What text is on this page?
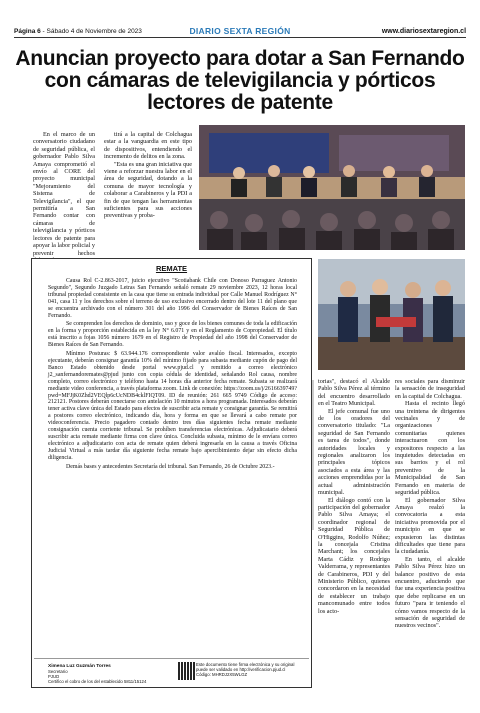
Página 6 - Sábado 4 de Noviembre de 2023	DIARIO SEXTA REGIÓN	www.diariosextaregion.cl
Anuncian proyecto para dotar a San Fernando con cámaras de televigilancia y pórticos lectores de patente

En el marco de un conversatorio ciudadano de seguridad pública, el gobernador Pablo Silva Amaya comprometió el envío al CORE del proyecto municipal "Mejoramiento del Sistema de Televigilancia", el que permitiría a San Fernando contar con cámaras de televigilancia y pórticos lectores de patente para apoyar la labor policial y prevenir hechos

tirá a la capital de Colchagua estar a la vanguardia en este tipo de dispositivos, entendiendo el incremento de delitos en la zona.

"Esta es una gran iniciativa que viene a reforzar nuestra labor en el área de seguridad, dotando a la comuna de mayor tecnología y colaborar a Carabineros y la PDI a fin de que tengan las herramientas suficientes para sus acciones preventivas y proba-

REMATE

Causa Rol C-2.863-2017, juicio ejecutivo "Scotiabank Chile con Donoso Parraguez Antonio Segundo", Segundo Juzgado Letras San Fernando señaló remate 29 noviembre 2023, 12 horas local tribunal propiedad consistente en la casa que tiene su entrada individual por Calle Manuel Rodríguez N° 041, casa 11 y los derechos sobre el terreno de uso exclusivo encerrado dentro del lote 11 del plano que se encuentra archivado con el número 301 del año 1996 del Conservador de Bienes Raíces de San Fernando.

Se comprenden los derechos de dominio, uso y goce de los bienes comunes de toda la edificación en la forma y proporción establecida en la ley N° 6.071 y en el Reglamento de Copropiedad. El título está inscrito a fojas 1056 número 1679 en el Registro de Propiedad del año 1998 del Conservador de Bienes Raíces de San Fernando.

Mínimo Posturas: $ 63.944.176 correspondiente valor avalúo fiscal. Interesados, excepto ejecutante, deberán consignar garantía 10% del mínimo fijado para subasta mediante cupón de pago del Banco Estado obtenido desde portal www.pjud.cl y remitido a correo electrónico j2_sanfernandoremates@pjud junto con copia cédula de identidad, señalando Rol causa, nombre completo, correo electrónico y teléfono hasta 14 horas día anterior fecha remate. Subasta se realizará mediante video conferencia, a través plataforma zoom. Link de conexión: https://zoom.us/j/2616639749?pwd=MFJjK0Zhd2VEQlp6cUcNDB4cklFIQT09. ID de reunión: 261 665 9749 Código de acceso: 212121. Postores deberán conectarse con antelación 10 minutos a hora programada. Interesados deberán tener activa clave única del Estado para efectos de suscribir acta remate y consignar garantía. Se remitirá a postores correo electrónico, indicando día, hora y forma en que se llevará a cabo remate por videoconferencia. Precio pagadero contado dentro tres días siguientes fecha remate mediante consignación cuenta corriente tribunal. Se prohíben transferencias electrónicas. Adjudicatario deberá suscribir acta remate mediante firma con clave única. Concluida subasta, mínimo de le envíara correo electrónico a adjudicatario con acta de remate quien deberá ingresarla en la causa a través Oficina Judicial Virtual a más tardar día siguiente fecha remate bajo apercibimiento dejar sin efecto dicha diligencia.

Demás bases y antecedentes Secretaría del tribunal. San Fernando, 26 de Octubre 2023.-

Ximena Luz Guzmán Torres
Secretario
PJUD
Certifico el cobro de los del establecido 5811/15124
Este documento tiene firma electrónica y su original puede ser validado en http://verificacion.pjud.cl
Código: MHRDJ2X5WLGZ

torias", destacó el Alcalde Pablo Silva Pérez al término del encuentro desarrollado en el Teatro Municipal.

El jefe comunal fue uno de los oradores del conversatorio titulado: "La seguridad de San Fernando es tarea de todos", donde autoridades locales y regionales analizaron los principales tópicos asociados a esta área y las acciones emprendidas por la actual administración municipal.

El diálogo contó con la participación del gobernador Pablo Silva Amaya; el coordinador regional de Seguridad Pública de O'Higgins, Rodolfo Núñez; la concejala Cristina Marchant; los concejales Marta Cádiz y Rodrigo Valderrama, y representantes de Carabineros, PDI y del Ministerio Público, quienes concordaron en la necesidad de establecer un trabajo mancomunado entre todos los acto-

res sociales para disminuir la sensación de inseguridad en la capital de Colchagua.

Hasta el recinto llegó una treintena de dirigentes vecinales y de organizaciones comunitarias quienes interactuaron con los expositores respecto a las inquietudes detectadas en sus barrios y el rol preventivo de la Municipalidad de San Fernando en materia de seguridad pública.

El gobernador Silva Amaya realzó la convocatoria a esta iniciativa promovida por el municipio en que se expusieron las distintas dificultades que tiene para la ciudadanía.

En tanto, el alcalde Pablo Silva Pérez hizo un balance positivo de esta encuentro, aduciendo que fue una experiencia positiva que debe replicarse en un futuro "para ir teniendo el cómo vamos respecto de la sensación de seguridad de nuestros vecinos".
